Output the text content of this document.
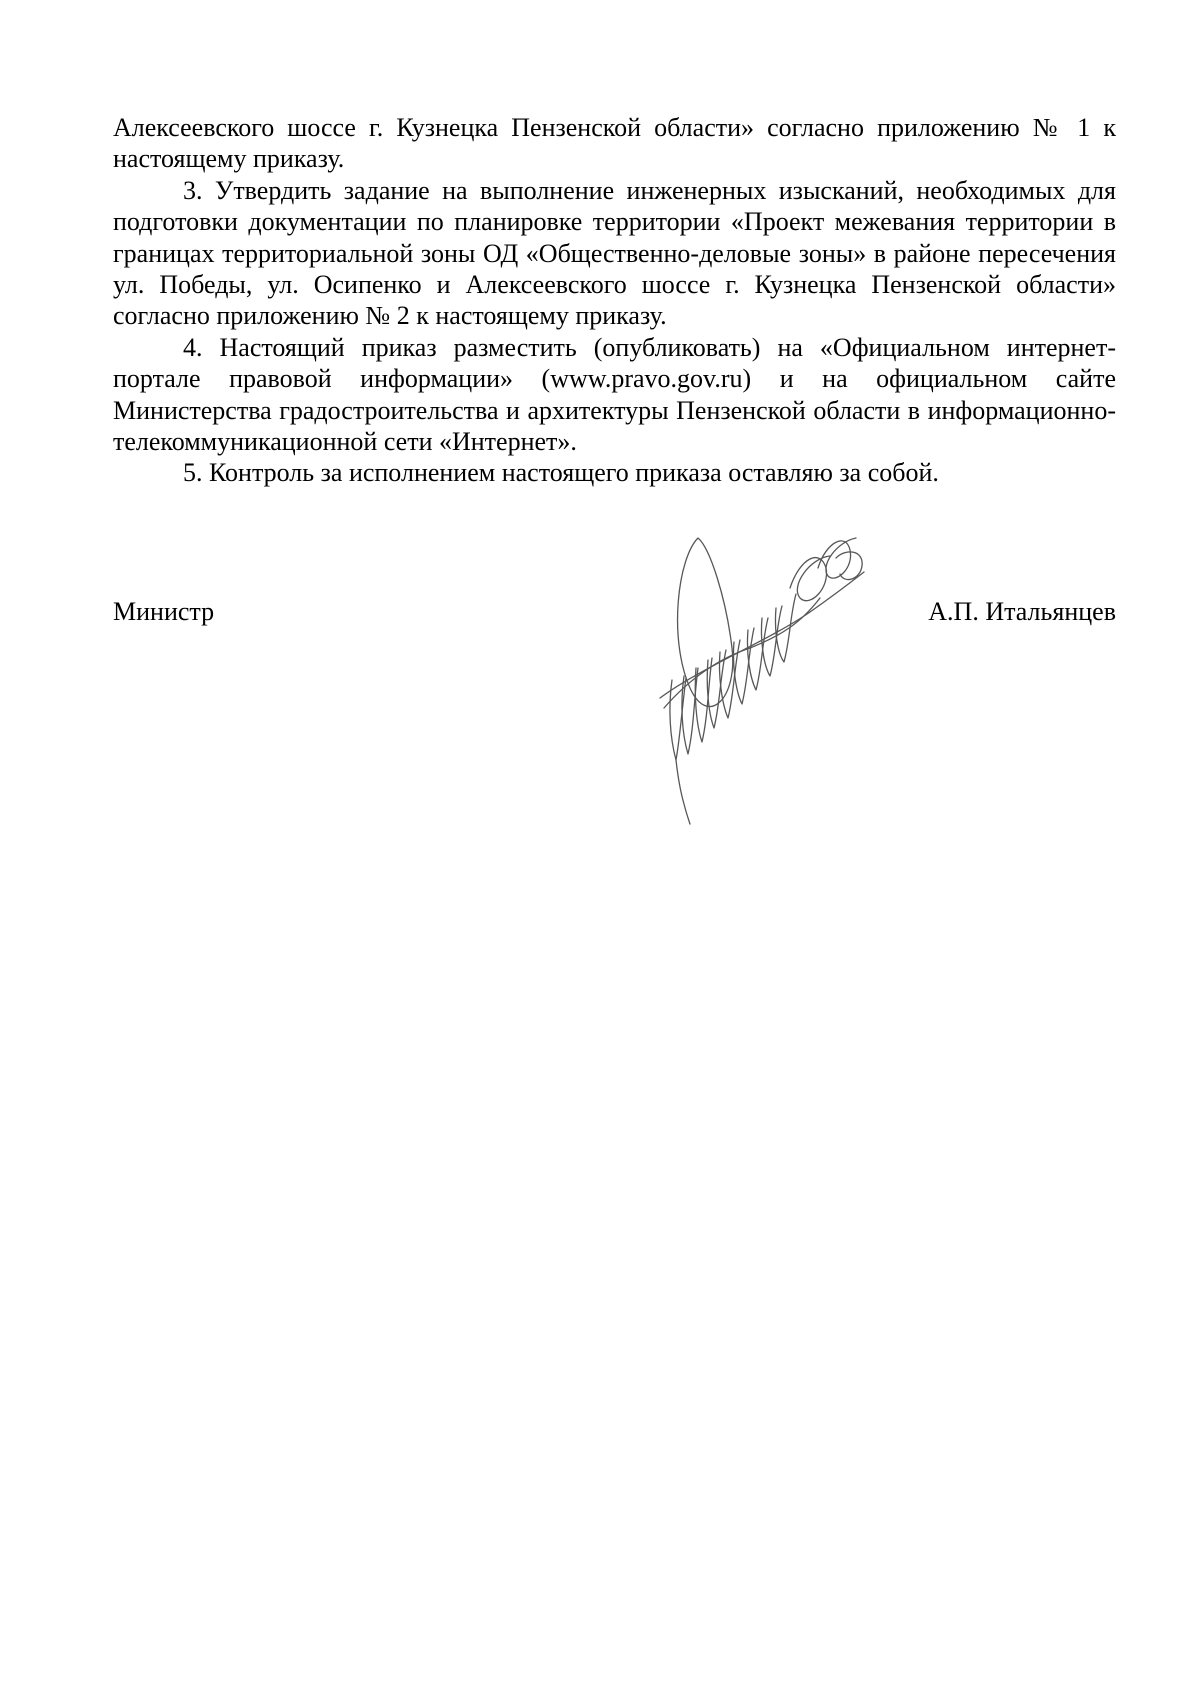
Алексеевского шоссе г. Кузнецка Пензенской области» согласно приложению № 1 к настоящему приказу.

3. Утвердить задание на выполнение инженерных изысканий, необходимых для подготовки документации по планировке территории «Проект межевания территории в границах территориальной зоны ОД «Общественно-деловые зоны» в районе пересечения ул. Победы, ул. Осипенко и Алексеевского шоссе г. Кузнецка Пензенской области» согласно приложению № 2 к настоящему приказу.

4. Настоящий приказ разместить (опубликовать) на «Официальном интернет-портале правовой информации» (www.pravo.gov.ru) и на официальном сайте Министерства градостроительства и архитектуры Пензенской области в информационно-телекоммуникационной сети «Интернет».

5. Контроль за исполнением настоящего приказа оставляю за собой.

Министр	А.П. Итальянцев
